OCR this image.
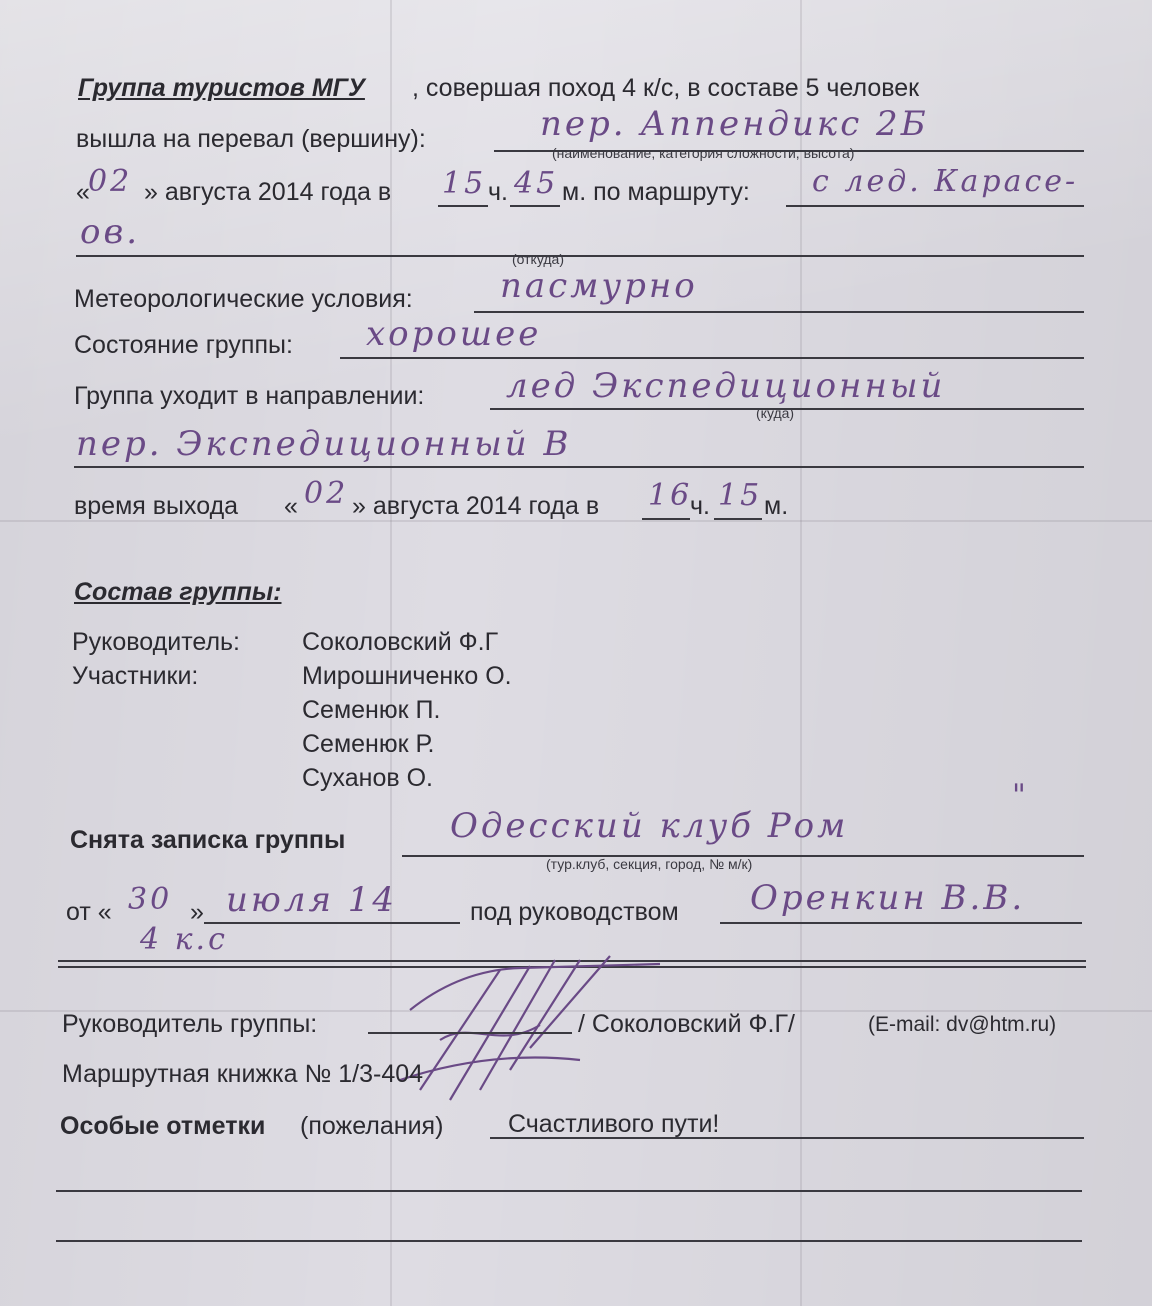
Группа туристов МГУ , совершая поход 4 к/с, в составе 5 человек
вышла на перевал (вершину):	пер. Аппендикс 2Б
(наименование, категория сложности, высота)
«
02 » августа 2014 года в 15 ч. 45 м. по маршруту: с лед. Карасе-
ов.
(откуда)
Метеорологические условия:	пасмурно
Состояние группы: хорошее
Группа уходит в направлении: лед Экспедиционный
(куда)
пер. Экспедиционный В
время выхода « 02 » августа 2014 года в 16
ч. 15 м.
Состав группы:
Руководитель: Соколовский Ф.Г
Участники:	Мирошниченко О.
Семенюк П.
Семенюк Р.
Суханов О.
Снята записка группы	Одесский клуб Ром
"
(тур.клуб, секция, город, № м/к)
от « 30 » июля 14	под руководством Оренкин В.В.
4 к.с
Руководитель группы:	/ Соколовский Ф.Г/	(E-mail: dv@htm.ru)
Маршрутная книжка № 1/3-404
Особые отметки (пожелания)	Счастливого пути!
